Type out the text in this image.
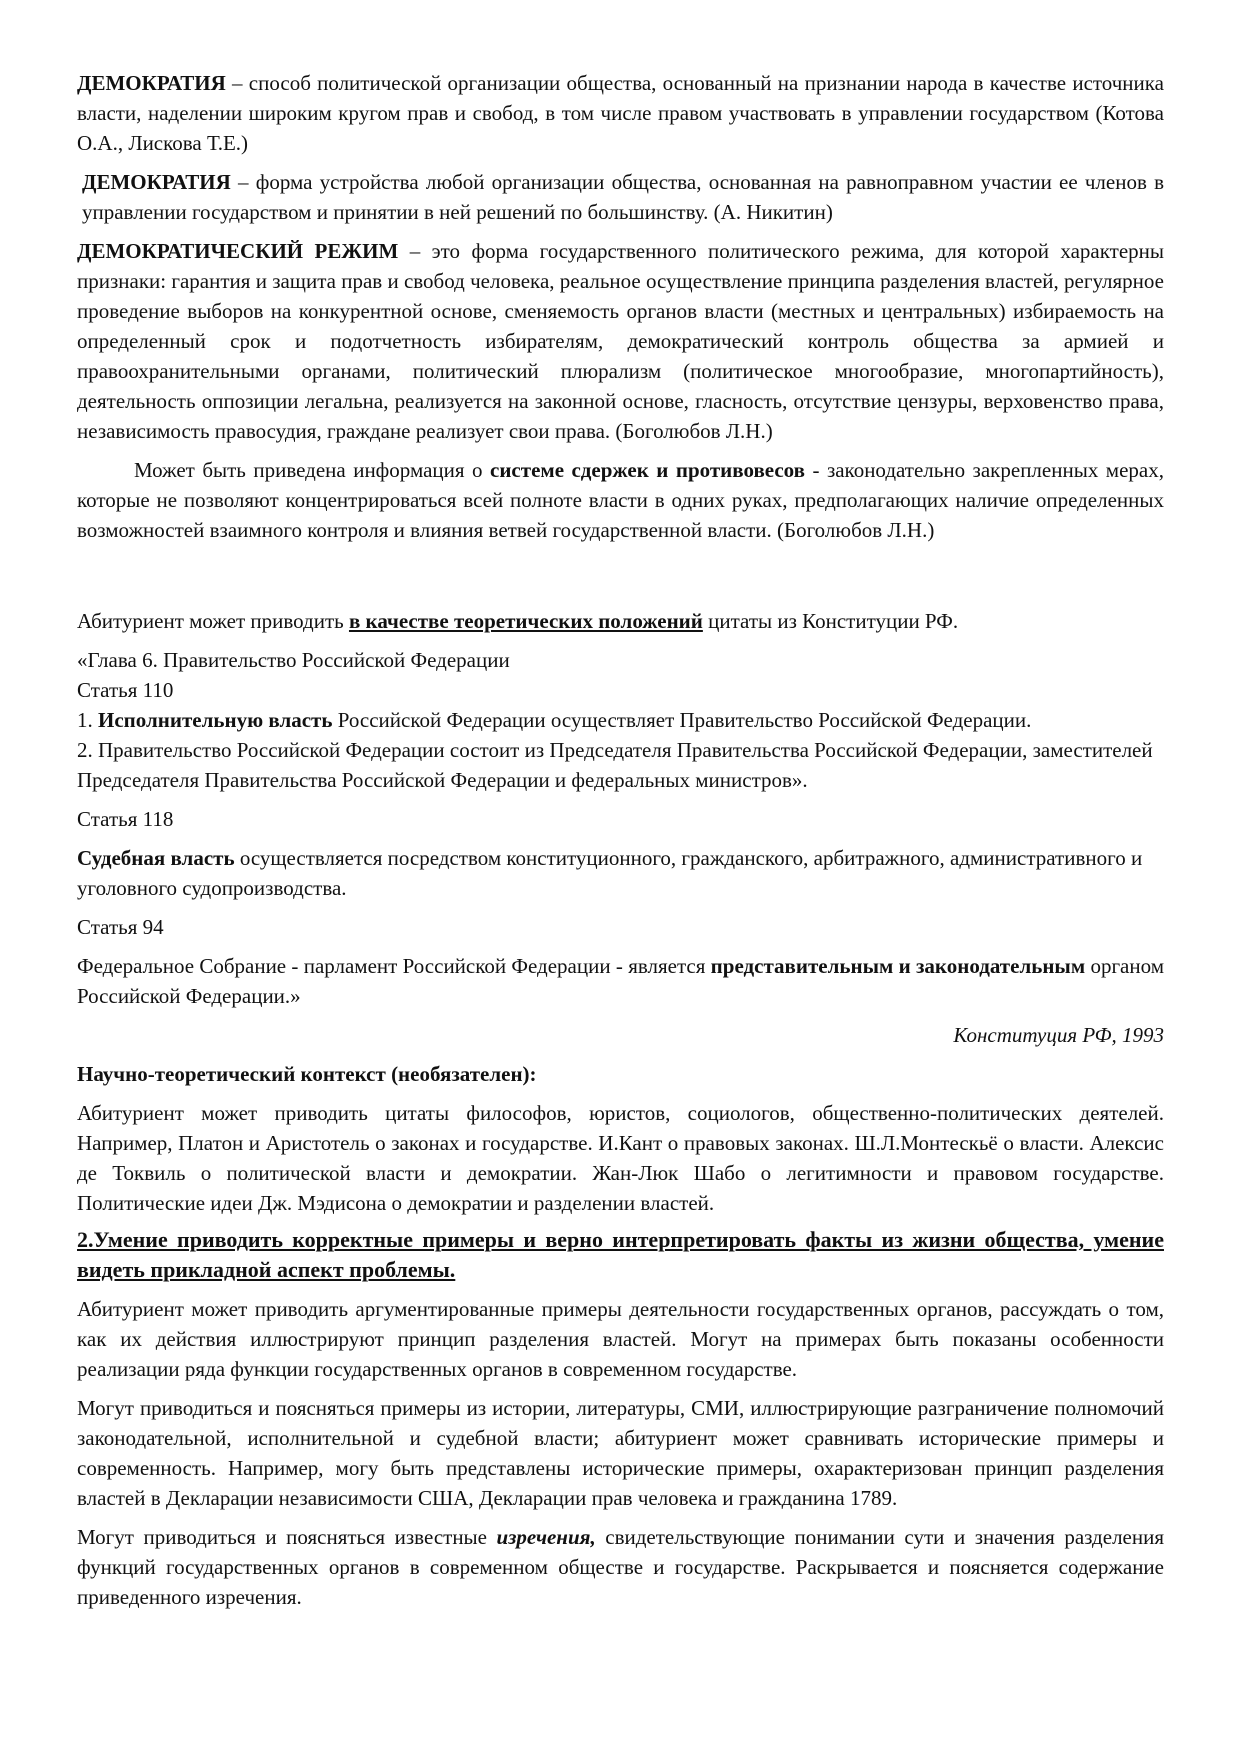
ДЕМОКРАТИЯ – способ политической организации общества, основанный на признании народа в качестве источника власти, наделении широким кругом прав и свобод, в том числе правом участвовать в управлении государством (Котова О.А., Лискова Т.Е.)

ДЕМОКРАТИЯ – форма устройства любой организации общества, основанная на равноправном участии ее членов в управлении государством и принятии в ней решений по большинству. (А. Никитин)

ДЕМОКРАТИЧЕСКИЙ РЕЖИМ – это форма государственного политического режима, для которой характерны признаки: гарантия и защита прав и свобод человека, реальное осуществление принципа разделения властей, регулярное проведение выборов на конкурентной основе, сменяемость органов власти (местных и центральных) избираемость на определенный срок и подотчетность избирателям, демократический контроль общества за армией и правоохранительными органами, политический плюрализм (политическое многообразие, многопартийность), деятельность оппозиции легальна, реализуется на законной основе, гласность, отсутствие цензуры, верховенство права, независимость правосудия, граждане реализует свои права. (Боголюбов Л.Н.)

Может быть приведена информация о системе сдержек и противовесов - законодательно закрепленных мерах, которые не позволяют концентрироваться всей полноте власти в одних руках, предполагающих наличие определенных возможностей взаимного контроля и влияния ветвей государственной власти. (Боголюбов Л.Н.)

Абитуриент может приводить в качестве теоретических положений цитаты из Конституции РФ.

«Глава 6. Правительство Российской Федерации

Статья 110

1. Исполнительную власть Российской Федерации осуществляет Правительство Российской Федерации.

2. Правительство Российской Федерации состоит из Председателя Правительства Российской Федерации, заместителей Председателя Правительства Российской Федерации и федеральных министров».

Статья 118

Судебная власть осуществляется посредством конституционного, гражданского, арбитражного, административного и уголовного судопроизводства.

Статья 94

Федеральное Собрание - парламент Российской Федерации - является представительным и законодательным органом Российской Федерации.»

Конституция РФ, 1993

Научно-теоретический контекст (необязателен):

Абитуриент может приводить цитаты философов, юристов, социологов, общественно-политических деятелей. Например, Платон и Аристотель о законах и государстве. И.Кант о правовых законах. Ш.Л.Монтескьё о власти. Алексис де Токвиль о политической власти и демократии. Жан-Люк Шабо о легитимности и правовом государстве. Политические идеи Дж. Мэдисона о демократии и разделении властей.

2.Умение приводить корректные примеры и верно интерпретировать факты из жизни общества, умение видеть прикладной аспект проблемы.

Абитуриент может приводить аргументированные примеры деятельности государственных органов, рассуждать о том, как их действия иллюстрируют принцип разделения властей. Могут на примерах быть показаны особенности реализации ряда функции государственных органов в современном государстве.

Могут приводиться и поясняться примеры из истории, литературы, СМИ, иллюстрирующие разграничение полномочий законодательной, исполнительной и судебной власти; абитуриент может сравнивать исторические примеры и современность. Например, могу быть представлены исторические примеры, охарактеризован принцип разделения властей в Декларации независимости США, Декларации прав человека и гражданина 1789.

Могут приводиться и поясняться известные изречения, свидетельствующие понимании сути и значения разделения функций государственных органов в современном обществе и государстве. Раскрывается и поясняется содержание приведенного изречения.
